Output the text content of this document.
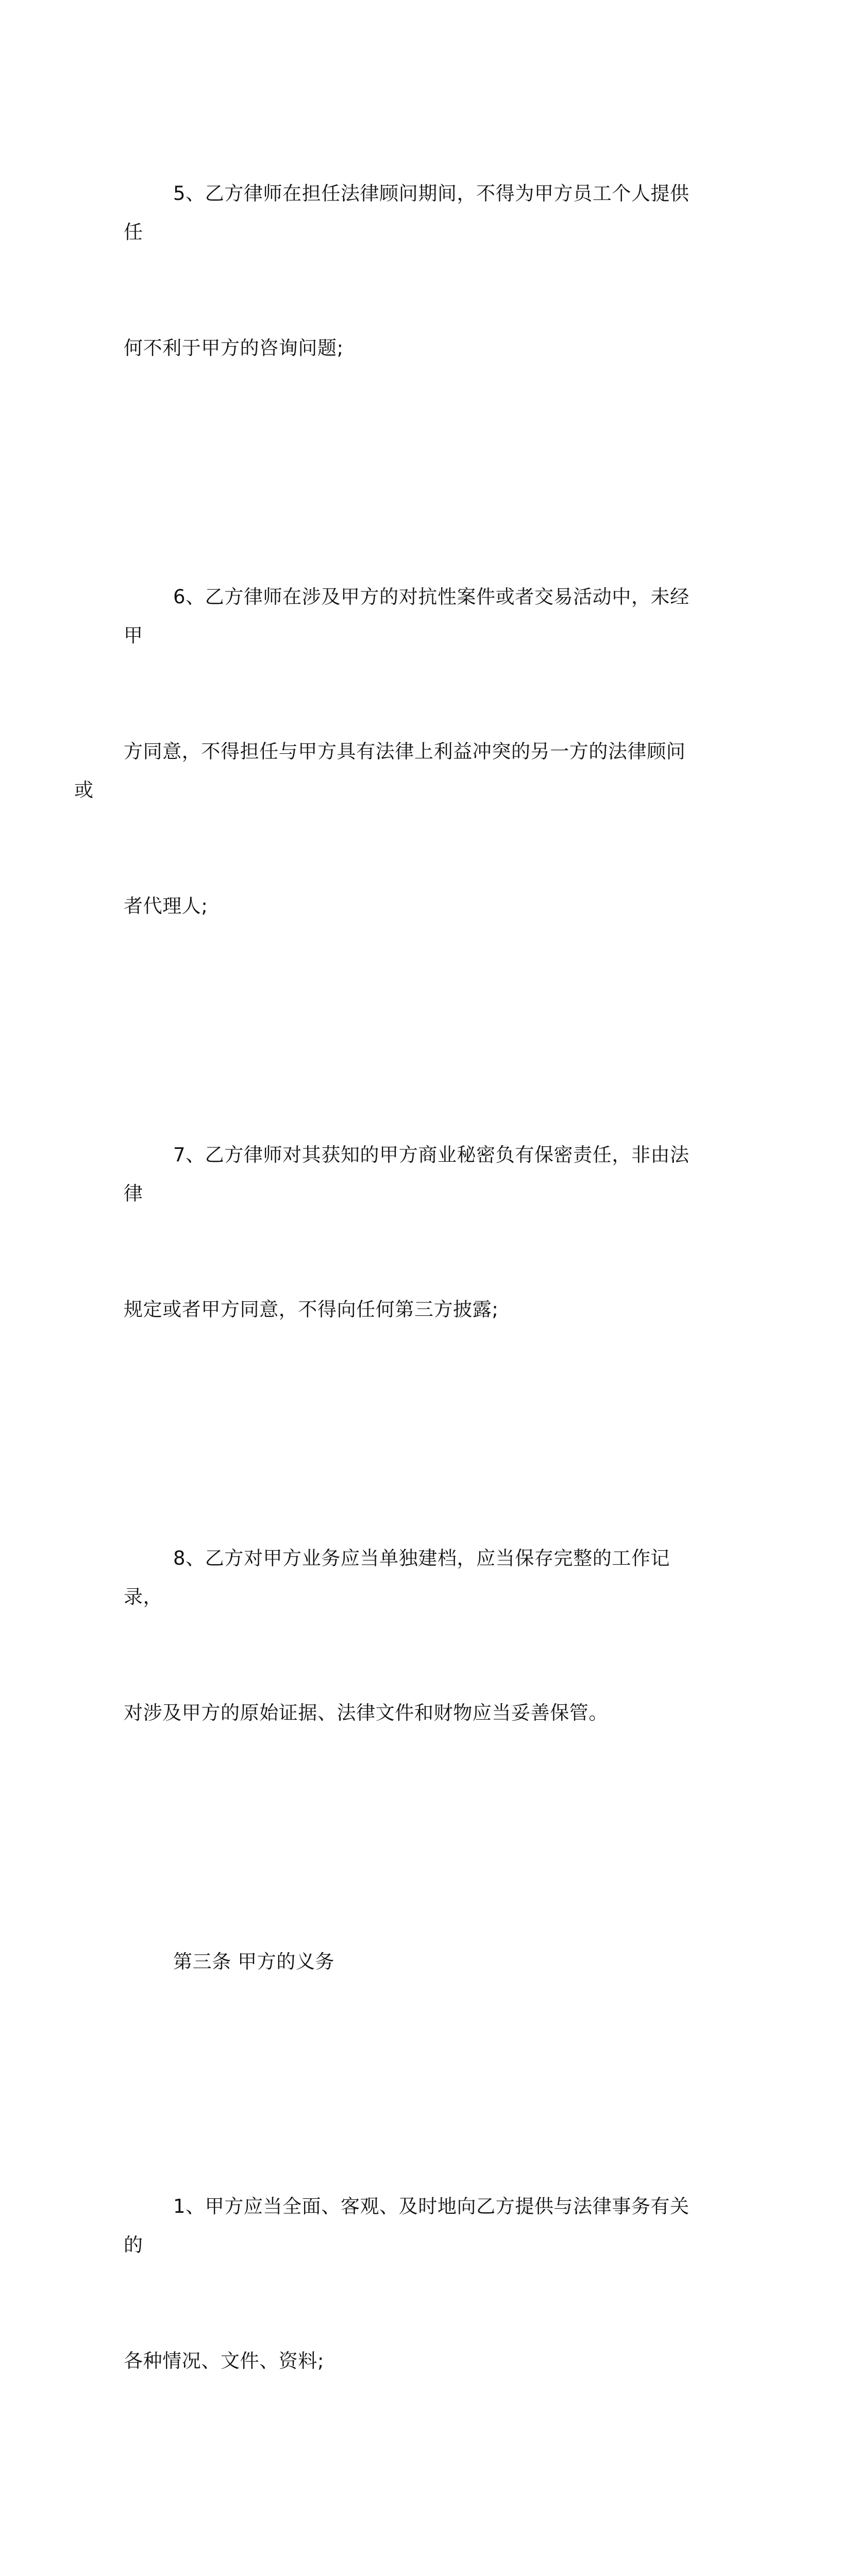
5、乙方律师在担任法律顾问期间，不得为甲方员工个人提供任

何不利于甲方的咨询问题;

6、乙方律师在涉及甲方的对抗性案件或者交易活动中，未经甲

方同意，不得担任与甲方具有法律上利益冲突的另一方的法律顾问或

者代理人;

7、乙方律师对其获知的甲方商业秘密负有保密责任，非由法律

规定或者甲方同意，不得向任何第三方披露;

8、乙方对甲方业务应当单独建档，应当保存完整的工作记录，

对涉及甲方的原始证据、法律文件和财物应当妥善保管。

第三条 甲方的义务

1、甲方应当全面、客观、及时地向乙方提供与法律事务有关的

各种情况、文件、资料;
